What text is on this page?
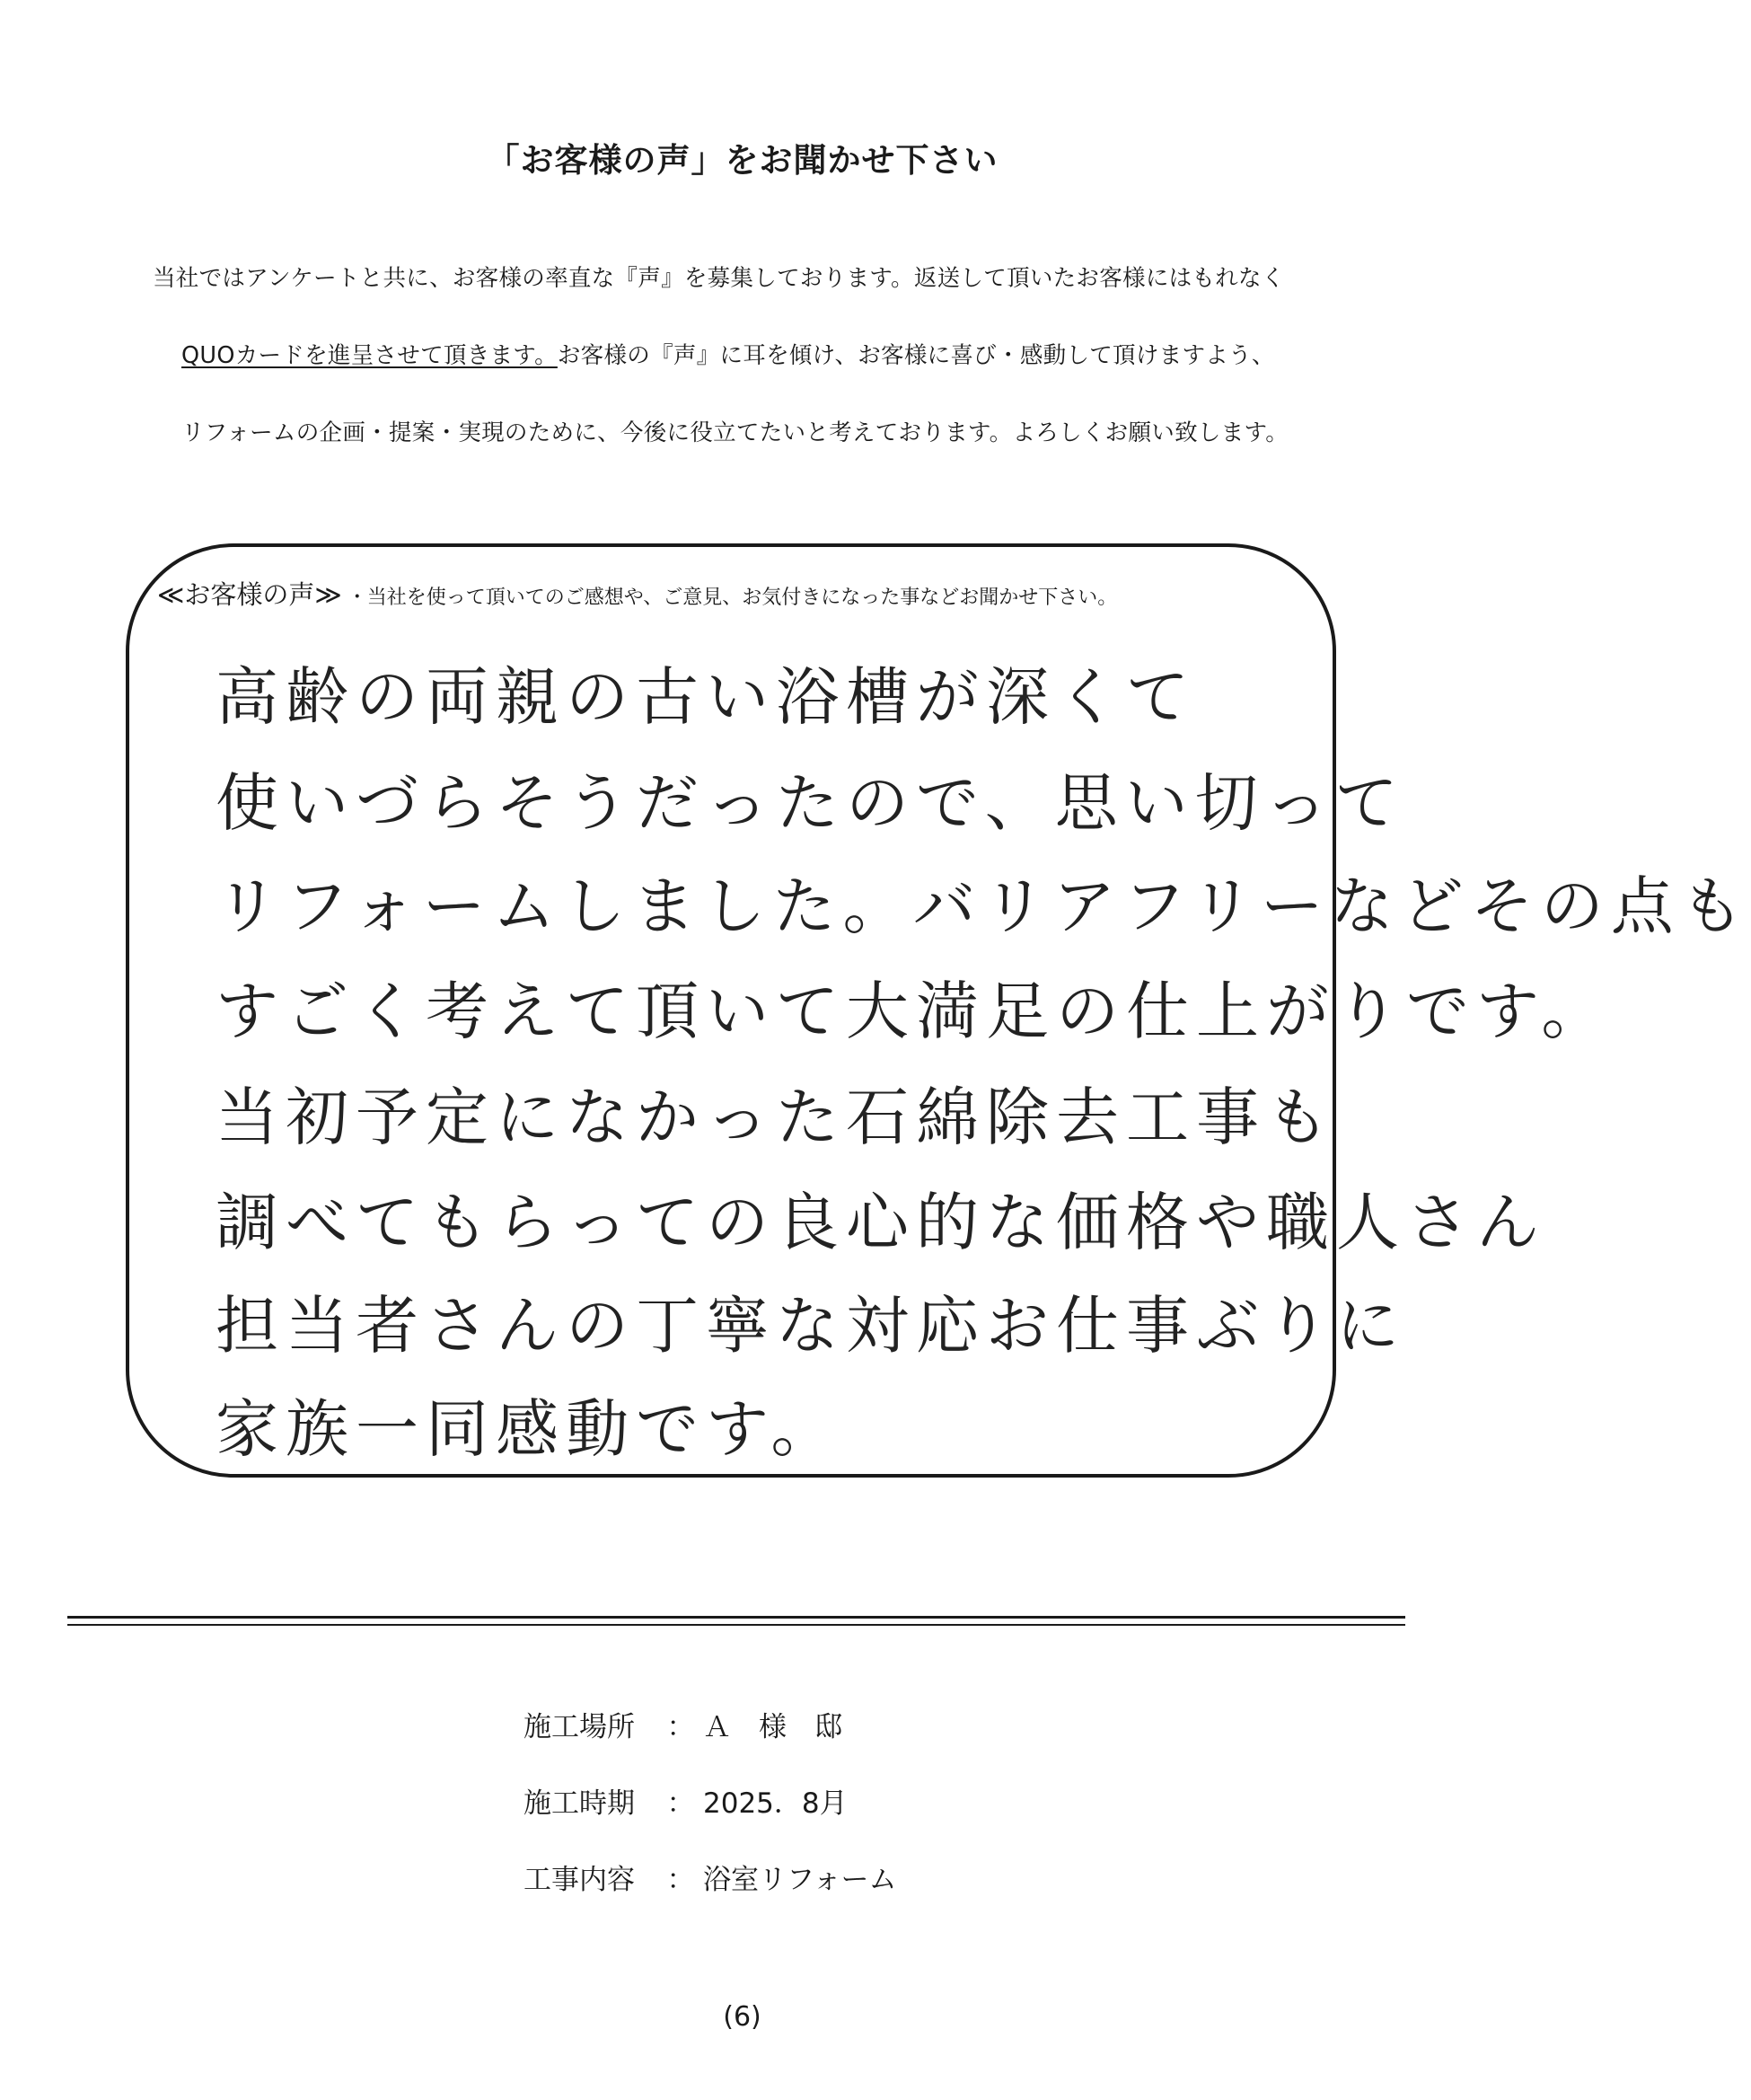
「お客様の声」をお聞かせ下さい
当社ではアンケートと共に、お客様の率直な『声』を募集しております。返送して頂いたお客様にはもれなく
QUOカードを進呈させて頂きます。お客様の『声』に耳を傾け、お客様に喜び・感動して頂けますよう、
リフォームの企画・提案・実現のために、今後に役立てたいと考えております。よろしくお願い致します。
≪お客様の声≫ ・当社を使って頂いてのご感想や、ご意見、お気付きになった事などお聞かせ下さい。
高齢の両親の古い浴槽が深くて
使いづらそうだったので、思い切って
リフォームしました。バリアフリーなどその点も
すごく考えて頂いて大満足の仕上がりです。
当初予定になかった石綿除去工事も
調べてもらっての良心的な価格や職人さん
担当者さんの丁寧な対応お仕事ぶりに
家族一同感動です。
施工場所 ： Ａ　様　邸
施工時期 ： 2025．8月
工事内容 ： 浴室リフォーム
(6)
